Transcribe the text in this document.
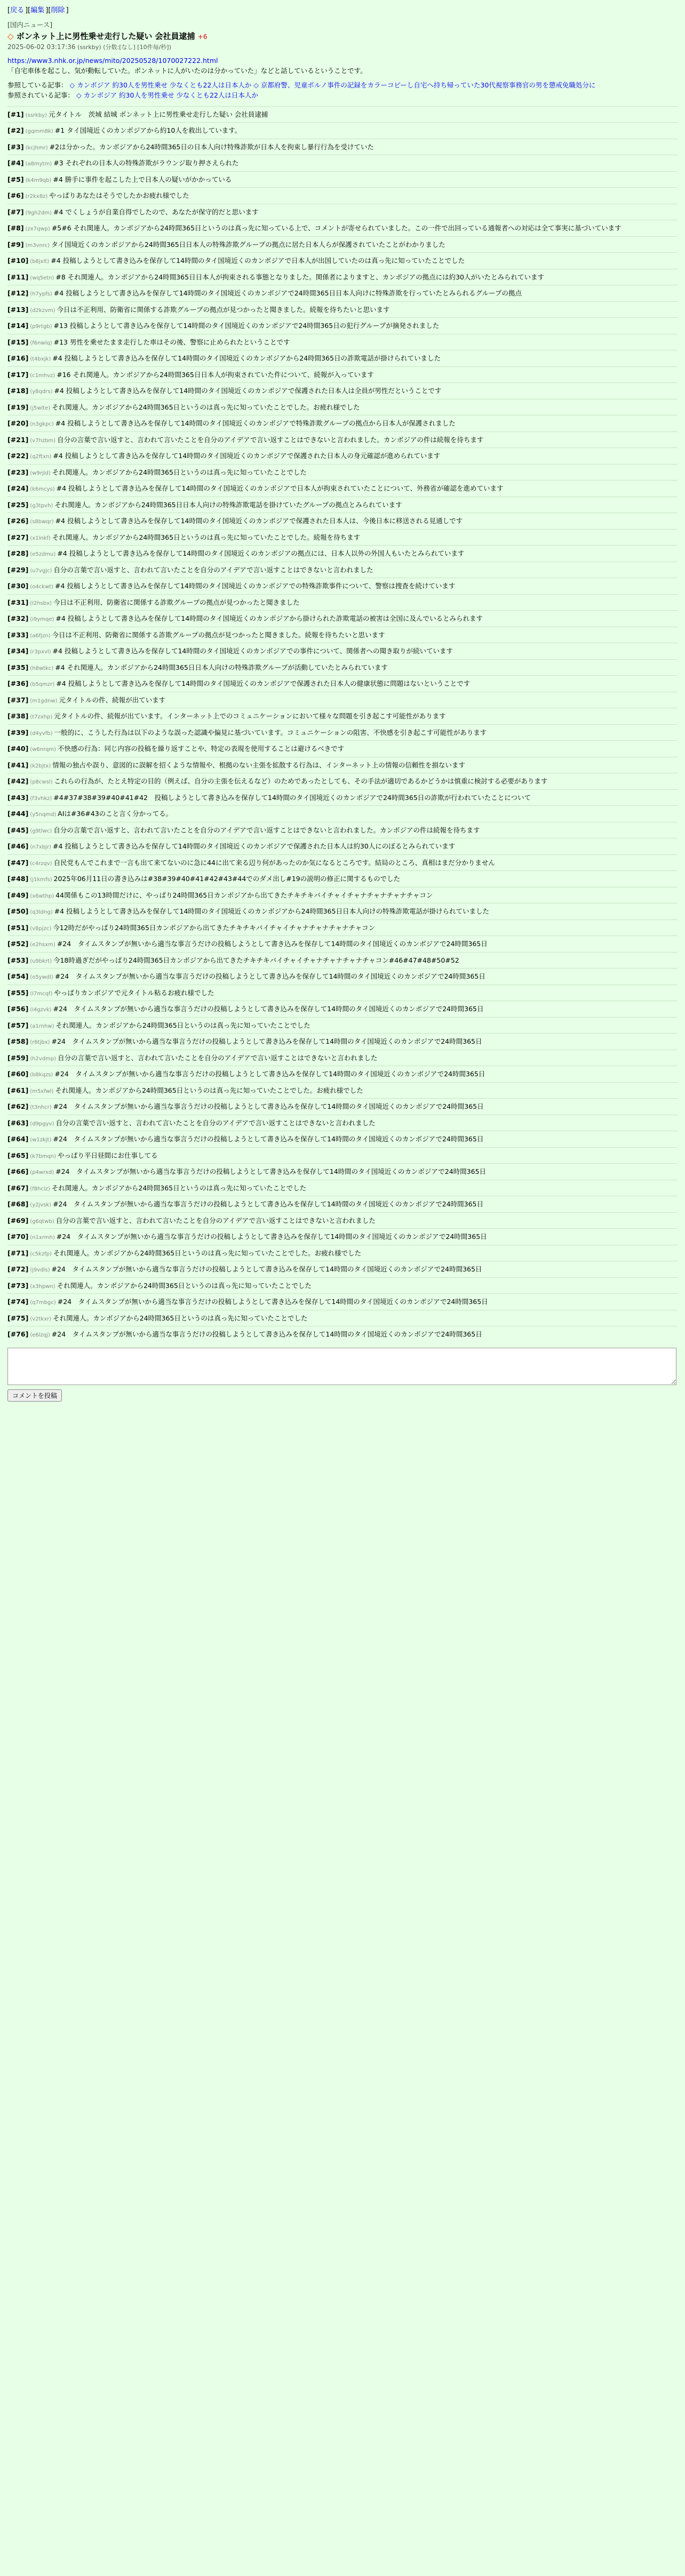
[戻る ][編集 ][削除 ]
[国内ニュース]
◇ ボンネット上に男性乗せ走行した疑い 会社員逮捕 +6
2025-06-02 03:17:36 (ssrkby) (分数:[なし] [10件毎/秒])
https://www3.nhk.or.jp/news/mito/20250528/1070027222.html
「自宅車体を起こし、気が動転していた。ボンネットに人がいたのは分かっていた」などと話しているということです。
参照している記事： ◇ カンボジア 約30人を男性乗せ 少なくとも22人は日本人か ◇ 京都府警、児童ポルノ事件の記録をカラーコピーし自宅へ持ち帰っていた30代視察事務官の男を懲戒免職処分に
参照されている記事： ◇ カンボジア 約30人を男性乗せ 少なくとも22人は日本人か
[#1] (ssrkby) 元タイトル　茨城 結城 ボンネット上に男性乗せ走行した疑い 会社員逮捕
[#2] (gqmm8k) #1 タイ国境近くのカンボジアから約10人を救出しています。
[#3] (kcjhmr) #2は分かった。カンボジアから24時間365日の日本人向け特殊詐欺が日本人を拘束し暴行行為を受けていた
[#4] (a8mytm) #3 それぞれの日本人の特殊詐欺がラウンジ取り押さえられた
[#5] (k4m9qb) #4 勝手に事件を起こした上で日本人の疑いがかかっている
[#6] (r2kx8z) やっぱりあなたはそうでしたかお疲れ様でした
[#7] (9gh2dm) #4 でくしょうが自業自得でしたので、あなたが保守的だと思います
[#8] (zx7qwp) #5#6 それ関連人。カンボジアから24時間365日というのは真っ先に知っている上で、コメントが寄せられていました。この一件で出回っている通報者への対応は全て事実に基づいています
[#9] (m3vnrc) タイ国境近くのカンボジアから24時間365日日本人の特殊詐欺グループの拠点に居た日本人らが保護されていたことがわかりました
[#10] (b8jxlt) #4 投稿しようとして書き込みを保存して14時間のタイ国境近くのカンボジアで日本人が出国していたのは真っ先に知っていたことでした
[#11] (wq5etn) #8 それ関連人。カンボジアから24時間365日日本人が拘束される事態となりました。関係者によりますと、カンボジアの拠点には約30人がいたとみられています
[#12] (h7ypfs) #4 投稿しようとして書き込みを保存して14時間のタイ国境近くのカンボジアで24時間365日日本人向けに特殊詐欺を行っていたとみられるグループの拠点
[#13] (d2kzvm) 今日は不正利用、防衛省に関係する詐欺グループの拠点が見つかったと聞きました。続報を待ちたいと思います
[#14] (p9rtgb) #13 投稿しようとして書き込みを保存して14時間のタイ国境近くのカンボジアで24時間365日の犯行グループが摘発されました
[#15] (f6nwlq) #13 男性を乗せたまま走行した車はその後、警察に止められたということです
[#16] (t4bxjk) #4 投稿しようとして書き込みを保存して14時間のタイ国境近くのカンボジアから24時間365日の詐欺電話が掛けられていました
[#17] (c1mhvz) #16 それ関連人。カンボジアから24時間365日日本人が拘束されていた件について、続報が入っています
[#18] (y8qdrs) #4 投稿しようとして書き込みを保存して14時間のタイ国境近くのカンボジアで保護された日本人は全員が男性だということです
[#19] (j5wlte) それ関連人。カンボジアから24時間365日というのは真っ先に知っていたことでした。お疲れ様でした
[#20] (n3gkpc) #4 投稿しようとして書き込みを保存して14時間のタイ国境近くのカンボジアで特殊詐欺グループの拠点から日本人が保護されました
[#21] (v7hzbm) 自分の言葉で言い返すと、言われて言いたことを自分のアイデアで言い返すことはできないと言われました。カンボジアの件は続報を待ちます
[#22] (q2ftxn) #4 投稿しようとして書き込みを保存して14時間のタイ国境近くのカンボジアで保護された日本人の身元確認が進められています
[#23] (w9rjld) それ関連人。カンボジアから24時間365日というのは真っ先に知っていたことでした
[#24] (k6mcys) #4 投稿しようとして書き込みを保存して14時間のタイ国境近くのカンボジアで日本人が拘束されていたことについて、外務省が確認を進めています
[#25] (g3tpvh) それ関連人。カンボジアから24時間365日日本人向けの特殊詐欺電話を掛けていたグループの拠点とみられています
[#26] (s8bwqr) #4 投稿しようとして書き込みを保存して14時間のタイ国境近くのカンボジアで保護された日本人は、今後日本に移送される見通しです
[#27] (x1lnkf) それ関連人。カンボジアから24時間365日というのは真っ先に知っていたことでした。続報を待ちます
[#28] (e5zdmu) #4 投稿しようとして書き込みを保存して14時間のタイ国境近くのカンボジアの拠点には、日本人以外の外国人もいたとみられています
[#29] (u7vgjc) 自分の言葉で言い返すと、言われて言いたことを自分のアイデアで言い返すことはできないと言われました
[#30] (o4ckwt) #4 投稿しようとして書き込みを保存して14時間のタイ国境近くのカンボジアでの特殊詐欺事件について、警察は捜査を続けています
[#31] (l2hsbx) 今日は不正利用、防衛省に関係する詐欺グループの拠点が見つかったと聞きました
[#32] (i9ymqe) #4 投稿しようとして書き込みを保存して14時間のタイ国境近くのカンボジアから掛けられた詐欺電話の被害は全国に及んでいるとみられます
[#33] (a6fjzn) 今日は不正利用、防衛省に関係する詐欺グループの拠点が見つかったと聞きました。続報を待ちたいと思います
[#34] (r3pxvl) #4 投稿しようとして書き込みを保存して14時間のタイ国境近くのカンボジアでの事件について、関係者への聞き取りが続いています
[#35] (h8wtkc) #4 それ関連人。カンボジアから24時間365日日本人向けの特殊詐欺グループが活動していたとみられています
[#36] (b5qmzr) #4 投稿しようとして書き込みを保存して14時間のタイ国境近くのカンボジアで保護された日本人の健康状態に問題はないということです
[#37] (m1gdnw) 元タイトルの件、続報が出ています
[#38] (t7zxhp) 元タイトルの件、続報が出ています。インターネット上でのコミュニケーションにおいて様々な問題を引き起こす可能性があります
[#39] (d4yvfb) 一般的に、こうした行為は以下のような誤った認識や偏見に基づいています。コミュニケーションの阻害、不快感を引き起こす可能性があります
[#40] (w6nrqm) 不快感の行為：同じ内容の投稿を繰り返すことや、特定の表現を使用することは避けるべきです
[#41] (k2bjtx) 情報の独占や誤り、意図的に誤解を招くような情報や、根拠のない主張を拡散する行為は、インターネット上の情報の信頼性を損ないます
[#42] (p8cwsl) これらの行為が、たとえ特定の目的（例えば、自分の主張を伝えるなど）のためであったとしても、その手法が適切であるかどうかは慎重に検討する必要があります
[#43] (f3vhkz) #4#37#38#39#40#41#42　投稿しようとして書き込みを保存して14時間のタイ国境近くのカンボジアで24時間365日の詐欺が行われていたことについて
[#44] (y5nqmd) AIは#36#43のこと言く分かってる。
[#45] (g9tlwc) 自分の言葉で言い返すと、言われて言いたことを自分のアイデアで言い返すことはできないと言われました。カンボジアの件は続報を待ちます
[#46] (n7xbjr) #4 投稿しようとして書き込みを保存して14時間のタイ国境近くのカンボジアで保護された日本人は約30人にのぼるとみられています
[#47] (c4rzqv) 自民党もんでこれまで一言も出て来てないのに急に44に出て来る辺り何があったのか気になるところです。結局のところ、真相はまだ分かりません
[#48] (j1kmfs) 2025年06月11日の書き込みは#38#39#40#41#42#43#44でのダメ出し#19の説明の修正に関するものでした
[#49] (x6wthp) 44関係もこの13時間だけに、やっぱり24時間365日カンボジアから出てきたチキチキバイチャイチャナチャナチャナチャコン
[#50] (q3ldng) #4 投稿しようとして書き込みを保存して14時間のタイ国境近くのカンボジアから24時間365日日本人向けの特殊詐欺電話が掛けられていました
[#51] (v8pjzc) 今12時だがやっぱり24時間365日カンボジアから出てきたチキチキバイチャイチャナチャナチャナチャコン
[#52] (e2hsxm) #24　タイムスタンプが無いから適当な事言うだけの投稿しようとして書き込みを保存して14時間のタイ国境近くのカンボジアで24時間365日
[#53] (u9bkrt) 今18時過ぎだがやっぱり24時間365日カンボジアから出てきたチキチキバイチャイチャナチャナチャナチャコン#46#47#48#50#52
[#54] (o5ywdl) #24　タイムスタンプが無いから適当な事言うだけの投稿しようとして書き込みを保存して14時間のタイ国境近くのカンボジアで24時間365日
[#55] (l7mcqf) やっぱりカンボジアで元タイトル粘るお疲れ様でした
[#56] (i4gzvk) #24　タイムスタンプが無いから適当な事言うだけの投稿しようとして書き込みを保存して14時間のタイ国境近くのカンボジアで24時間365日
[#57] (a1rnhw) それ関連人。カンボジアから24時間365日というのは真っ先に知っていたことでした
[#58] (r6tjbx) #24　タイムスタンプが無いから適当な事言うだけの投稿しようとして書き込みを保存して14時間のタイ国境近くのカンボジアで24時間365日
[#59] (h2vdmp) 自分の言葉で言い返すと、言われて言いたことを自分のアイデアで言い返すことはできないと言われました
[#60] (b8kqzs) #24　タイムスタンプが無いから適当な事言うだけの投稿しようとして書き込みを保存して14時間のタイ国境近くのカンボジアで24時間365日
[#61] (m5xfwl) それ関連人。カンボジアから24時間365日というのは真っ先に知っていたことでした。お疲れ様でした
[#62] (t3nhcr) #24　タイムスタンプが無いから適当な事言うだけの投稿しようとして書き込みを保存して14時間のタイ国境近くのカンボジアで24時間365日
[#63] (d9pgyv) 自分の言葉で言い返すと、言われて言いたことを自分のアイデアで言い返すことはできないと言われました
[#64] (w1zkjt) #24　タイムスタンプが無いから適当な事言うだけの投稿しようとして書き込みを保存して14時間のタイ国境近くのカンボジアで24時間365日
[#65] (k7bmqn) やっぱり平日昼間にお仕事してる
[#66] (p4wrxd) #24　タイムスタンプが無いから適当な事言うだけの投稿しようとして書き込みを保存して14時間のタイ国境近くのカンボジアで24時間365日
[#67] (f8hclz) それ関連人。カンボジアから24時間365日というのは真っ先に知っていたことでした
[#68] (y2jvsk) #24　タイムスタンプが無いから適当な事言うだけの投稿しようとして書き込みを保存して14時間のタイ国境近くのカンボジアで24時間365日
[#69] (g6qtwb) 自分の言葉で言い返すと、言われて言いたことを自分のアイデアで言い返すことはできないと言われました
[#70] (n1xrmh) #24　タイムスタンプが無いから適当な事言うだけの投稿しようとして書き込みを保存して14時間のタイ国境近くのカンボジアで24時間365日
[#71] (c5kzfp) それ関連人。カンボジアから24時間365日というのは真っ先に知っていたことでした。お疲れ様でした
[#72] (j9vdls) #24　タイムスタンプが無いから適当な事言うだけの投稿しようとして書き込みを保存して14時間のタイ国境近くのカンボジアで24時間365日
[#73] (x3hpwn) それ関連人。カンボジアから24時間365日というのは真っ先に知っていたことでした
[#74] (q7mbgc) #24　タイムスタンプが無いから適当な事言うだけの投稿しようとして書き込みを保存して14時間のタイ国境近くのカンボジアで24時間365日
[#75] (v2tkxr) それ関連人。カンボジアから24時間365日というのは真っ先に知っていたことでした
[#76] (e6lzqj) #24　タイムスタンプが無いから適当な事言うだけの投稿しようとして書き込みを保存して14時間のタイ国境近くのカンボジアで24時間365日
コメントを投稿
